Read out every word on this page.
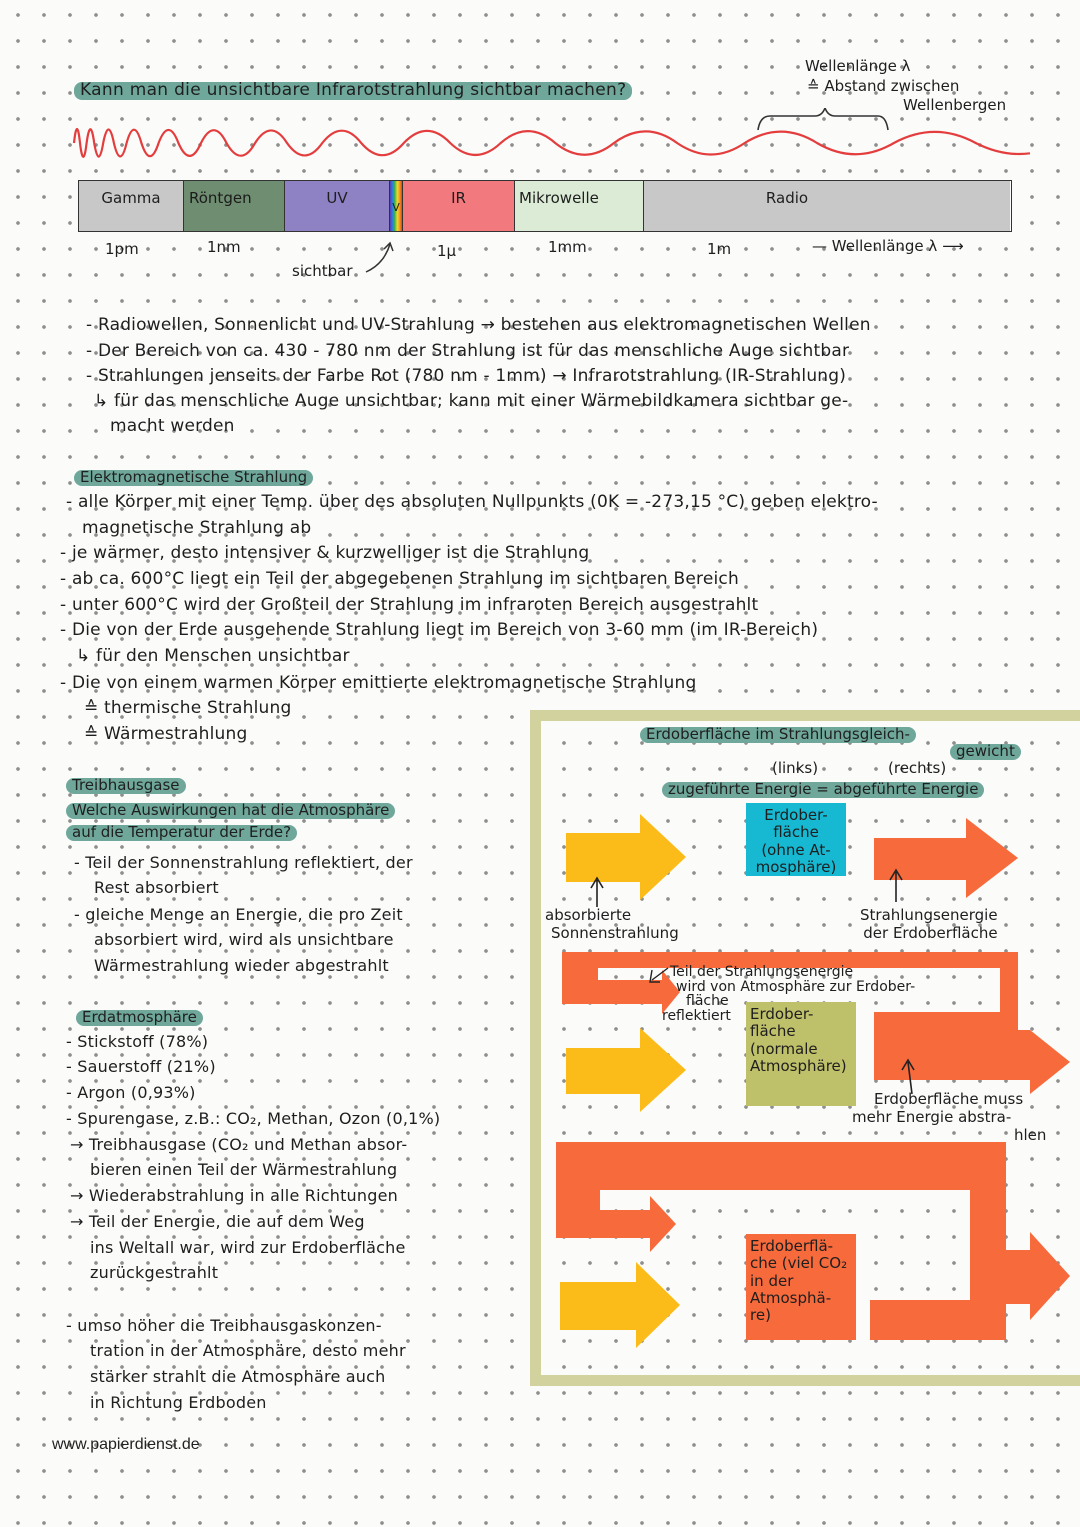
Kann man die unsichtbare Infrarotstrahlung sichtbar machen?
Wellenlänge λ
≙ Abstand zwischen
Wellenbergen
Gamma	Röntgen	UV
V
IR	Mikrowelle	Radio
1pm	1nm	1µ	1mm	1m	— Wellenlänge λ ⟶
sichtbar
- Radiowellen, Sonnenlicht und UV-Strahlung → bestehen aus elektromagnetischen Wellen
- Der Bereich von ca. 430 - 780 nm der Strahlung ist für das menschliche Auge sichtbar
- Strahlungen jenseits der Farbe Rot (780 nm - 1mm) → Infrarotstrahlung (IR-Strahlung)
↳ für das menschliche Auge unsichtbar; kann mit einer Wärmebildkamera sichtbar ge-
macht werden
Elektromagnetische Strahlung
- alle Körper mit einer Temp. über des absoluten Nullpunkts (0K = -273,15 °C) geben elektro-
magnetische Strahlung ab
- je wärmer, desto intensiver & kurzwelliger ist die Strahlung
- ab ca. 600°C liegt ein Teil der abgegebenen Strahlung im sichtbaren Bereich
- unter 600°C wird der Großteil der Strahlung im infraroten Bereich ausgestrahlt
- Die von der Erde ausgehende Strahlung liegt im Bereich von 3-60 mm (im IR-Bereich)
↳ für den Menschen unsichtbar
- Die von einem warmen Körper emittierte elektromagnetische Strahlung
≙ thermische Strahlung
≙ Wärmestrahlung
Treibhausgase
Welche Auswirkungen hat die Atmosphäre
auf die Temperatur der Erde?
- Teil der Sonnenstrahlung reflektiert, der
Rest absorbiert
- gleiche Menge an Energie, die pro Zeit
absorbiert wird, wird als unsichtbare
Wärmestrahlung wieder abgestrahlt
Erdatmosphäre
- Stickstoff (78%)
- Sauerstoff (21%)
- Argon (0,93%)
- Spurengase, z.B.: CO₂, Methan, Ozon (0,1%)
→ Treibhausgase (CO₂ und Methan absor-
bieren einen Teil der Wärmestrahlung
→ Wiederabstrahlung in alle Richtungen
→ Teil der Energie, die auf dem Weg
ins Weltall war, wird zur Erdoberfläche
zurückgestrahlt
- umso höher die Treibhausgaskonzen-
tration in der Atmosphäre, desto mehr
stärker strahlt die Atmosphäre auch
in Richtung Erdboden
Erdoberfläche im Strahlungsgleich-
gewicht
(links)	(rechts)
zugeführte Energie = abgeführte Energie
Erdober-fläche (ohne At-mosphäre)
Erdober-fläche (normale Atmosphäre)
Erdoberflä-che (viel CO₂ in der Atmosphä-re)
absorbierte
Sonnenstrahlung
Strahlungsenergie
der Erdoberfläche
Teil der Strahlungsenergie
wird von Atmosphäre zur Erdober-
fläche
reflektiert
Erdoberfläche muss
mehr Energie abstra-
hlen
www.papierdienst.de
